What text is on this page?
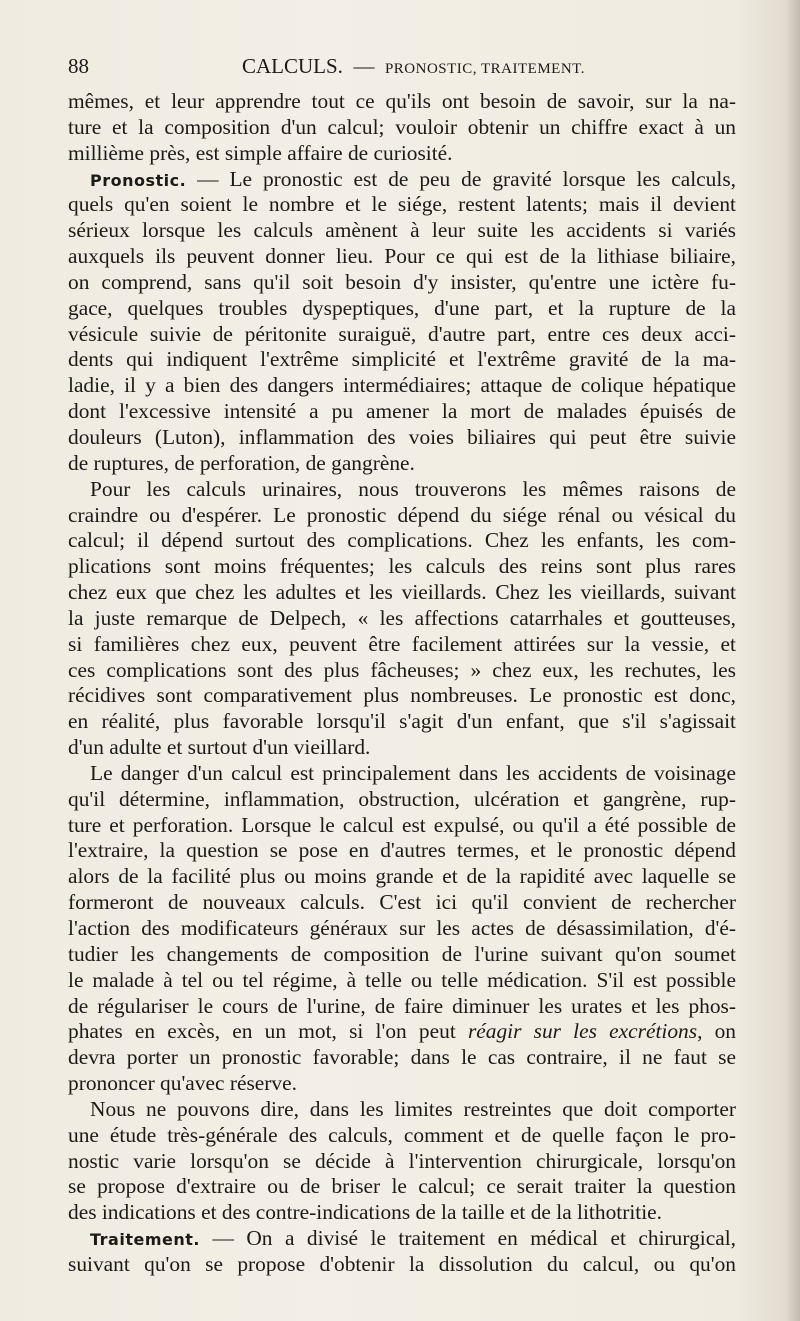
88	CALCULS. — PRONOSTIC, TRAITEMENT.
mêmes, et leur apprendre tout ce qu'ils ont besoin de savoir, sur la na-
ture et la composition d'un calcul; vouloir obtenir un chiffre exact à un
millième près, est simple affaire de curiosité.
Pronostic. — Le pronostic est de peu de gravité lorsque les calculs,
quels qu'en soient le nombre et le siége, restent latents; mais il devient
sérieux lorsque les calculs amènent à leur suite les accidents si variés
auxquels ils peuvent donner lieu. Pour ce qui est de la lithiase biliaire,
on comprend, sans qu'il soit besoin d'y insister, qu'entre une ictère fu-
gace, quelques troubles dyspeptiques, d'une part, et la rupture de la
vésicule suivie de péritonite suraiguë, d'autre part, entre ces deux acci-
dents qui indiquent l'extrême simplicité et l'extrême gravité de la ma-
ladie, il y a bien des dangers intermédiaires; attaque de colique hépatique
dont l'excessive intensité a pu amener la mort de malades épuisés de
douleurs (Luton), inflammation des voies biliaires qui peut être suivie
de ruptures, de perforation, de gangrène.
Pour les calculs urinaires, nous trouverons les mêmes raisons de
craindre ou d'espérer. Le pronostic dépend du siége rénal ou vésical du
calcul; il dépend surtout des complications. Chez les enfants, les com-
plications sont moins fréquentes; les calculs des reins sont plus rares
chez eux que chez les adultes et les vieillards. Chez les vieillards, suivant
la juste remarque de Delpech, « les affections catarrhales et goutteuses,
si familières chez eux, peuvent être facilement attirées sur la vessie, et
ces complications sont des plus fâcheuses; » chez eux, les rechutes, les
récidives sont comparativement plus nombreuses. Le pronostic est donc,
en réalité, plus favorable lorsqu'il s'agit d'un enfant, que s'il s'agissait
d'un adulte et surtout d'un vieillard.
Le danger d'un calcul est principalement dans les accidents de voisinage
qu'il détermine, inflammation, obstruction, ulcération et gangrène, rup-
ture et perforation. Lorsque le calcul est expulsé, ou qu'il a été possible de
l'extraire, la question se pose en d'autres termes, et le pronostic dépend
alors de la facilité plus ou moins grande et de la rapidité avec laquelle se
formeront de nouveaux calculs. C'est ici qu'il convient de rechercher
l'action des modificateurs généraux sur les actes de désassimilation, d'é-
tudier les changements de composition de l'urine suivant qu'on soumet
le malade à tel ou tel régime, à telle ou telle médication. S'il est possible
de régulariser le cours de l'urine, de faire diminuer les urates et les phos-
phates en excès, en un mot, si l'on peut réagir sur les excrétions, on
devra porter un pronostic favorable; dans le cas contraire, il ne faut se
prononcer qu'avec réserve.
Nous ne pouvons dire, dans les limites restreintes que doit comporter
une étude très-générale des calculs, comment et de quelle façon le pro-
nostic varie lorsqu'on se décide à l'intervention chirurgicale, lorsqu'on
se propose d'extraire ou de briser le calcul; ce serait traiter la question
des indications et des contre-indications de la taille et de la lithotritie.
Traitement. — On a divisé le traitement en médical et chirurgical,
suivant qu'on se propose d'obtenir la dissolution du calcul, ou qu'on
